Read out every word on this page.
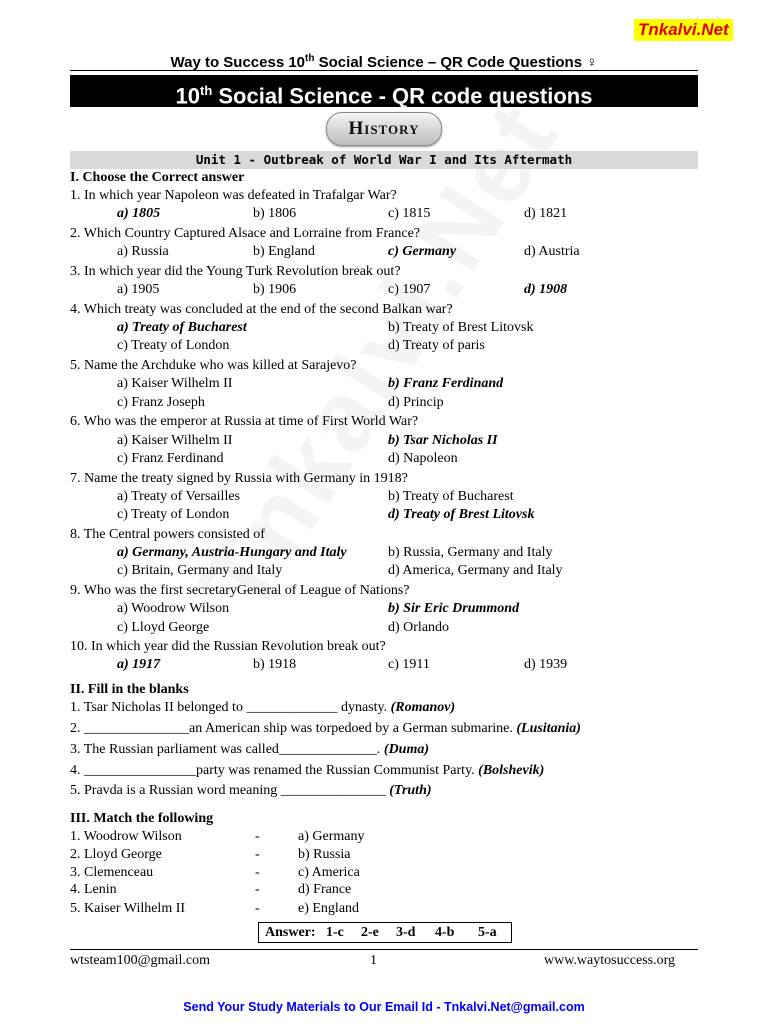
Tnkalvi.Net
Way to Success 10th Social Science – QR Code Questions ♀
10th Social Science - QR code questions
History
Unit 1 - Outbreak of World War I and Its Aftermath
I. Choose the Correct answer
1. In which year Napoleon was defeated in Trafalgar War?
a) 1805	b) 1806	c) 1815	d) 1821
2. Which Country Captured Alsace and Lorraine from France?
a) Russia	b) England	c) Germany	d) Austria
3. In which year did the Young Turk Revolution break out?
a) 1905	b) 1906	c) 1907	d) 1908
4. Which treaty was concluded at the end of the second Balkan war?
a) Treaty of Bucharest	b) Treaty of Brest Litovsk
c) Treaty of London	d) Treaty of paris
5. Name the Archduke who was killed at Sarajevo?
a) Kaiser Wilhelm II	b) Franz Ferdinand
c) Franz Joseph	d) Princip
6. Who was the emperor at Russia at time of First World War?
a) Kaiser Wilhelm II	b) Tsar Nicholas II
c) Franz Ferdinand	d) Napoleon
7. Name the treaty signed by Russia with Germany in 1918?
a) Treaty of Versailles	b) Treaty of Bucharest
c) Treaty of London	d) Treaty of Brest Litovsk
8. The Central powers consisted of
a) Germany, Austria-Hungary and Italy	b) Russia, Germany and Italy
c) Britain, Germany and Italy	d) America, Germany and Italy
9. Who was the first secretaryGeneral of League of Nations?
a) Woodrow Wilson	b) Sir Eric Drummond
c) Lloyd George	d) Orlando
10. In which year did the Russian Revolution break out?
a) 1917	b) 1918	c) 1911	d) 1939
II. Fill in the blanks
1. Tsar Nicholas II belonged to _____________ dynasty. (Romanov)
2. _______________an American ship was torpedoed by a German submarine. (Lusitania)
3. The Russian parliament was called______________. (Duma)
4. ________________party was renamed the Russian Communist Party. (Bolshevik)
5. Pravda is a Russian word meaning _______________ (Truth)
III. Match the following
1. Woodrow Wilson	-	a) Germany
2. Lloyd George	-	b) Russia
3. Clemenceau	-	c) America
4. Lenin	-	d) France
5. Kaiser Wilhelm II	-	e) England
Answer: 1-c 2-e 3-d 4-b 5-a
wtsteam100@gmail.com	1	www.waytosuccess.org
Send Your Study Materials to Our Email Id - Tnkalvi.Net@gmail.com
